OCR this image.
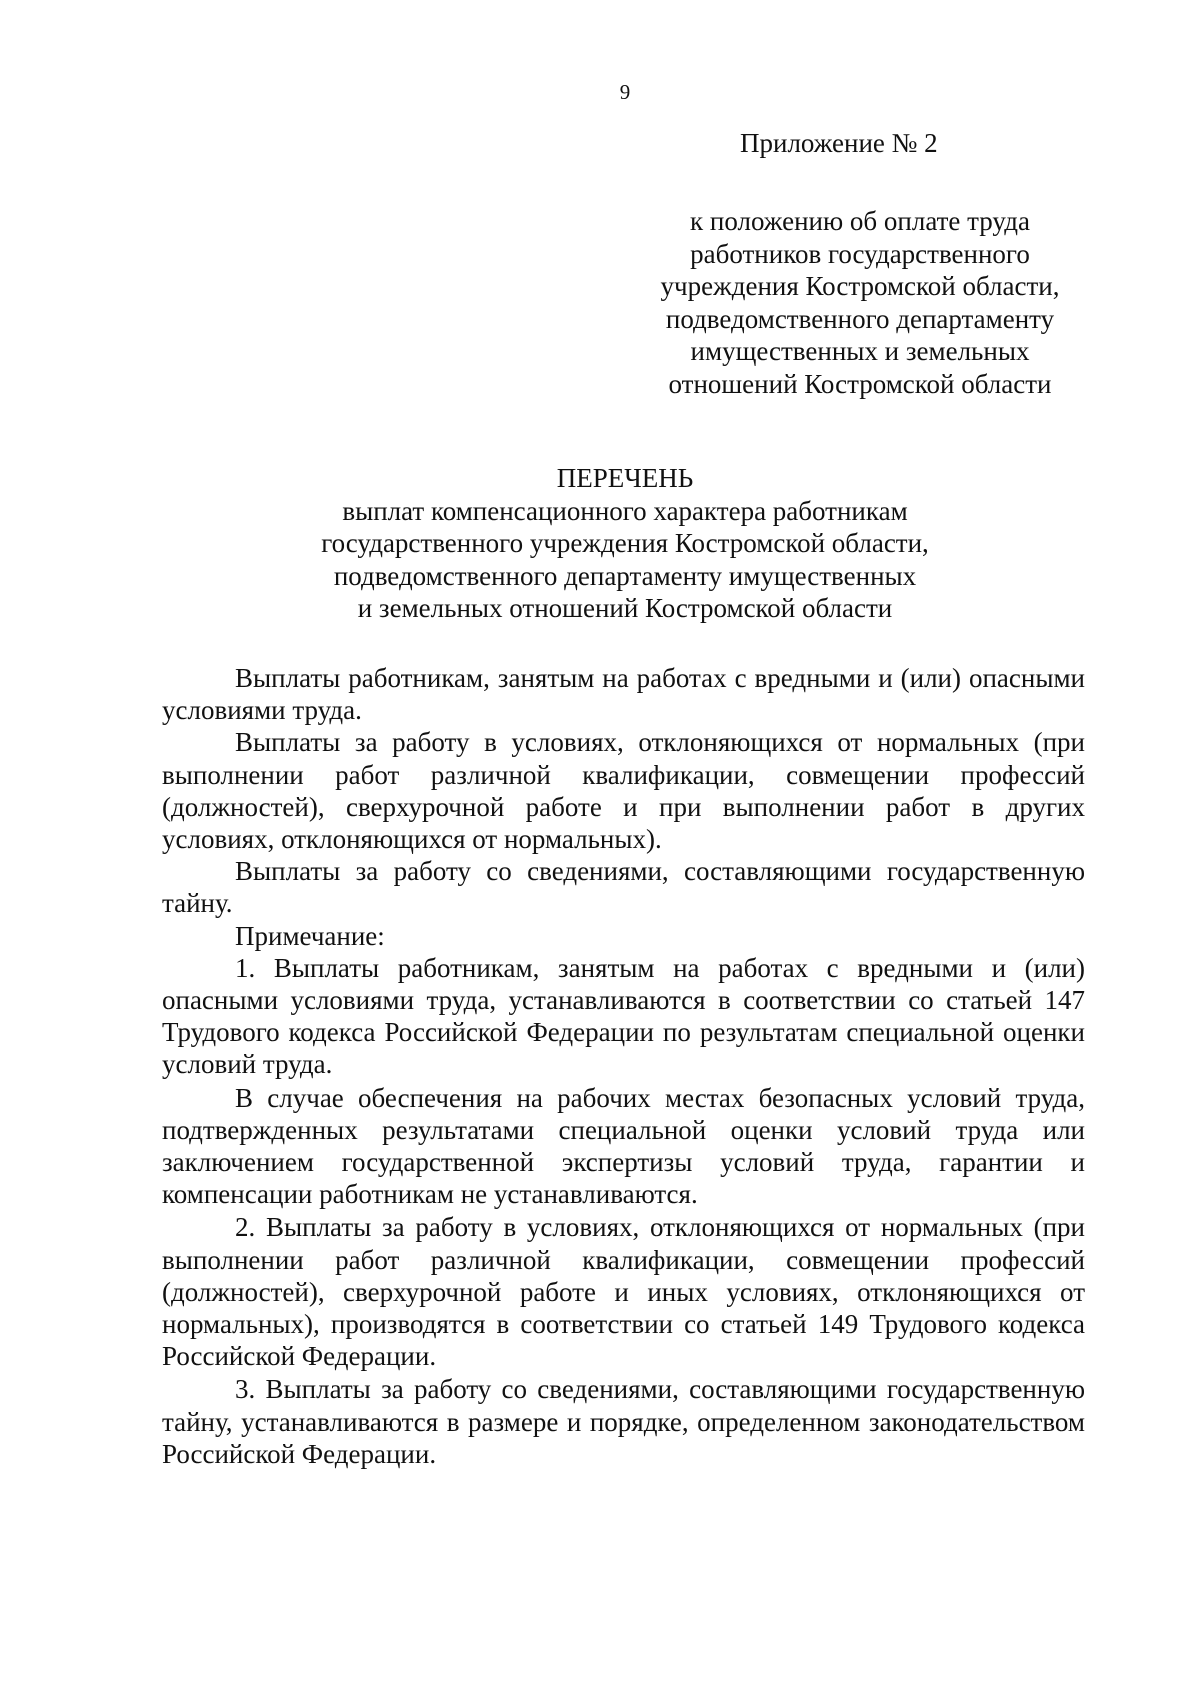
9
Приложение № 2
к положению об оплате труда
работников государственного
учреждения Костромской области,
подведомственного департаменту
имущественных и земельных
отношений Костромской области
ПЕРЕЧЕНЬ
выплат компенсационного характера работникам
государственного учреждения Костромской области,
подведомственного департаменту имущественных
и земельных отношений Костромской области

Выплаты работникам, занятым на работах с вредными и (или) опасными условиями труда.

Выплаты за работу в условиях, отклоняющихся от нормальных (при выполнении работ различной квалификации, совмещении профессий (должностей), сверхурочной работе и при выполнении работ в других условиях, отклоняющихся от нормальных).

Выплаты за работу со сведениями, составляющими государственную тайну.

Примечание:

1. Выплаты работникам, занятым на работах с вредными и (или) опасными условиями труда, устанавливаются в соответствии со статьей 147 Трудового кодекса Российской Федерации по результатам специальной оценки условий труда.

В случае обеспечения на рабочих местах безопасных условий труда, подтвержденных результатами специальной оценки условий труда или заключением государственной экспертизы условий труда, гарантии и компенсации работникам не устанавливаются.

2. Выплаты за работу в условиях, отклоняющихся от нормальных (при выполнении работ различной квалификации, совмещении профессий (должностей), сверхурочной работе и иных условиях, отклоняющихся от нормальных), производятся в соответствии со статьей 149 Трудового кодекса Российской Федерации.

3. Выплаты за работу со сведениями, составляющими государственную тайну, устанавливаются в размере и порядке, определенном законодательством Российской Федерации.
